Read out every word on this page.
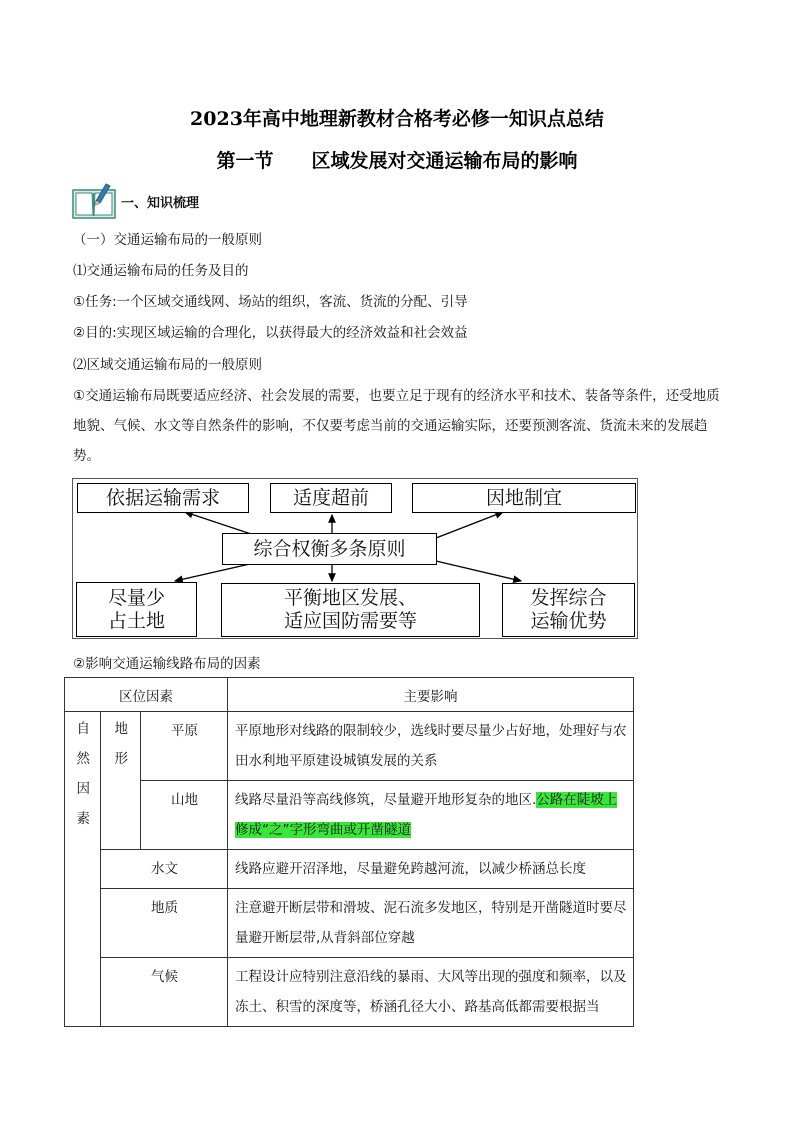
2023年高中地理新教材合格考必修一知识点总结
第一节　　区域发展对交通运输布局的影响
一、知识梳理
（一）交通运输布局的一般原则
⑴交通运输布局的任务及目的
①任务:一个区域交通线网、场站的组织，客流、货流的分配、引导
②目的:实现区域运输的合理化，以获得最大的经济效益和社会效益
⑵区域交通运输布局的一般原则
①交通运输布局既要适应经济、社会发展的需要，也要立足于现有的经济水平和技术、装备等条件，还受地质地貌、气候、水文等自然条件的影响，不仅要考虑当前的交通运输实际，还要预测客流、货流未来的发展趋势。
依据运输需求	适度超前	因地制宜
综合权衡多条原则
尽量少
占土地
平衡地区发展、
适应国防需要等
发挥综合
运输优势
②影响交通运输线路布局的因素
区位因素			主要影响

自然因素	地形	平原	平原地形对线路的限制较少，选线时要尽量少占好地，处理好与农田水利地平原建设城镇发展的关系

		山地	线路尽量沿等高线修筑，尽量避开地形复杂的地区.公路在陡坡上修成“之”字形弯曲或开凿隧道

	水文		线路应避开沼泽地，尽量避免跨越河流，以减少桥涵总长度

	地质		注意避开断层带和滑坡、泥石流多发地区，特别是开凿隧道时要尽量避开断层带,从背斜部位穿越

	气候		工程设计应特别注意沿线的暴雨、大风等出现的强度和频率，以及冻土、积雪的深度等，桥涵孔径大小、路基高低都需要根据当
